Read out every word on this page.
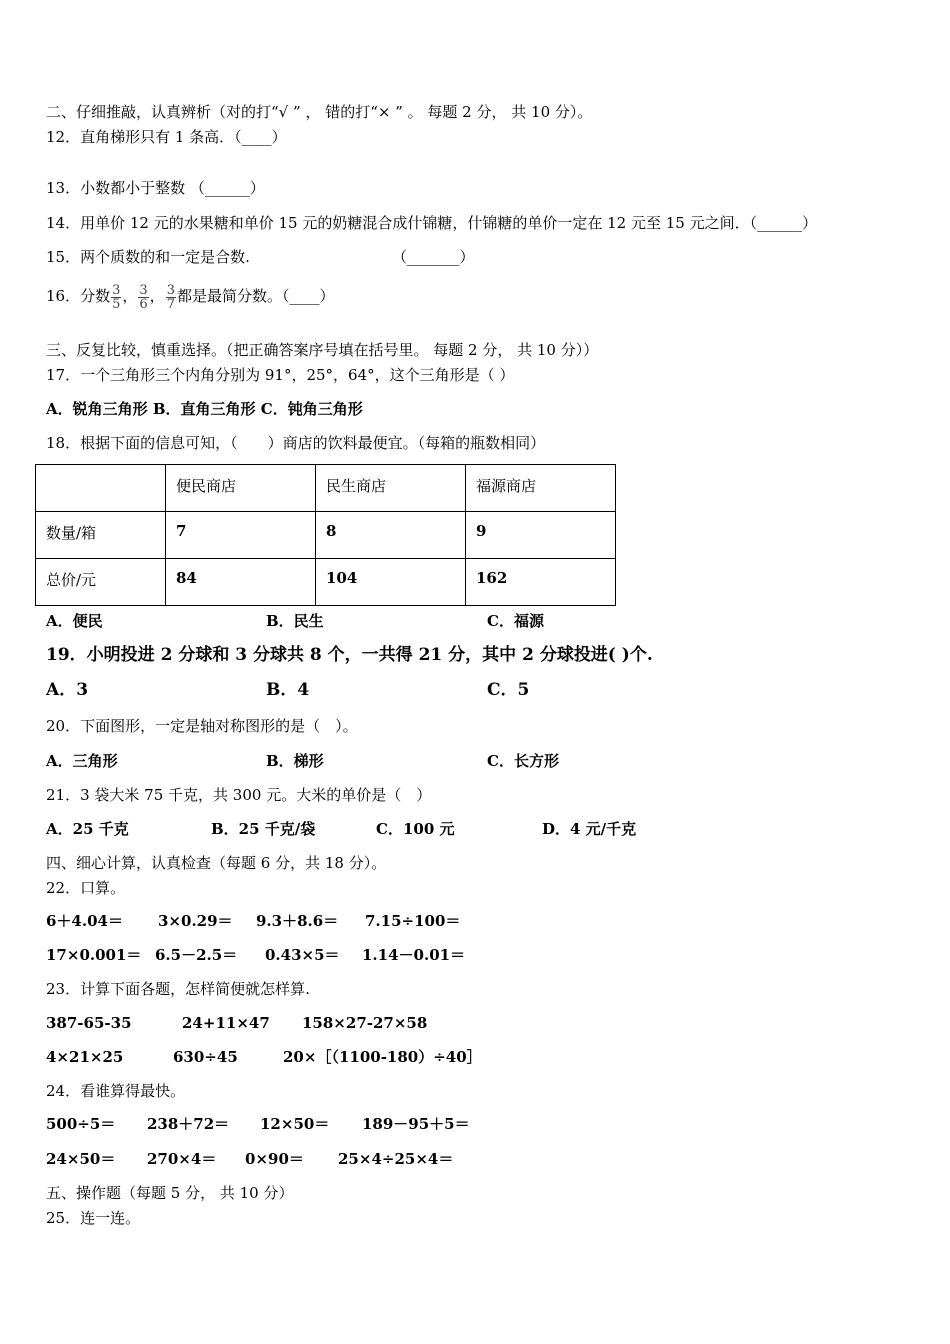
二、仔细推敲，认真辨析（对的打“√ ” ， 错的打“× ” 。 每题 2 分， 共 10 分）。
12．直角梯形只有 1 条高．（____）
13．小数都小于整数 （______）
14．用单价 12 元的水果糖和单价 15 元的奶糖混合成什锦糖，什锦糖的单价一定在 12 元至 15 元之间．（______）
15．两个质数的和一定是合数.	（_______）
16．分数 $\frac{3}{5}$ ， $\frac{3}{6}$ ， $\frac{3}{7}$ 都是最简分数。（____）
三、反复比较，慎重选择。（把正确答案序号填在括号里。 每题 2 分， 共 10 分））
17．一个三角形三个内角分别为 91°，25°，64°，这个三角形是（ ）
A．锐角三角形 B．直角三角形 C．钝角三角形
18．根据下面的信息可知，（　　）商店的饮料最便宜。（每箱的瓶数相同）
	便民商店	民生商店	福源商店
数量/箱	7	8	9
总价/元	84	104	162
A．便民	B．民生	C．福源
19．小明投进 2 分球和 3 分球共 8 个，一共得 21 分，其中 2 分球投进( )个.
A．3	B．4	C．5
20．下面图形，一定是轴对称图形的是（　）。
A．三角形	B．梯形	C．长方形
21．3 袋大米 75 千克，共 300 元。大米的单价是（　）
A．25 千克	B．25 千克/袋	C．100 元	D．4 元/千克
四、细心计算，认真检查（每题 6 分，共 18 分）。
22．口算。
6＋4.04＝ 3×0.29＝ 9.3＋8.6＝ 7.15÷100＝
17×0.001＝ 6.5－2.5＝ 0.43×5＝ 1.14－0.01＝
23．计算下面各题，怎样简便就怎样算.
387-65-35	24+11×47 158×27-27×58
4×21×25	630÷45	20×［（1100-180）÷40］
24．看谁算得最快。
500÷5＝ 238＋72＝ 12×50＝ 189－95＋5＝
24×50＝ 270×4＝ 0×90＝ 25×4÷25×4＝
五、操作题（每题 5 分， 共 10 分）
25．连一连。
